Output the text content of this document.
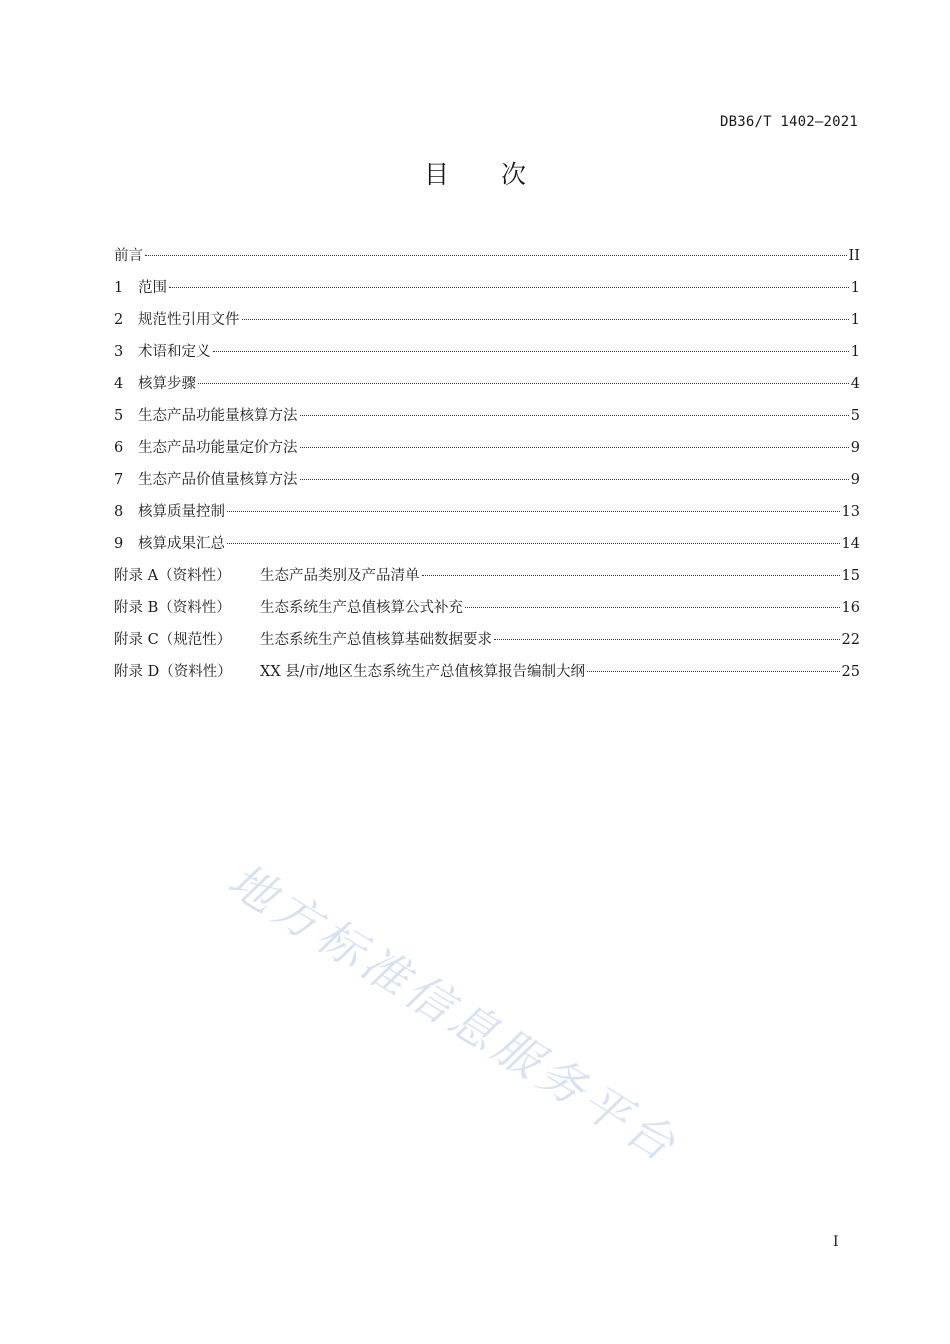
DB36/T 1402—2021
目次
前言	II
1	范围	1
2	规范性引用文件	1
3	术语和定义	1
4	核算步骤	4
5	生态产品功能量核算方法	5
6	生态产品功能量定价方法	9
7	生态产品价值量核算方法	9
8	核算质量控制	13
9	核算成果汇总	14
附录 A（资料性）	生态产品类别及产品清单	15
附录 B（资料性）	生态系统生产总值核算公式补充	16
附录 C（规范性）	生态系统生产总值核算基础数据要求	22
附录 D（资料性）	XX 县/市/地区生态系统生产总值核算报告编制大纲	25
地方标准信息服务平台
I
